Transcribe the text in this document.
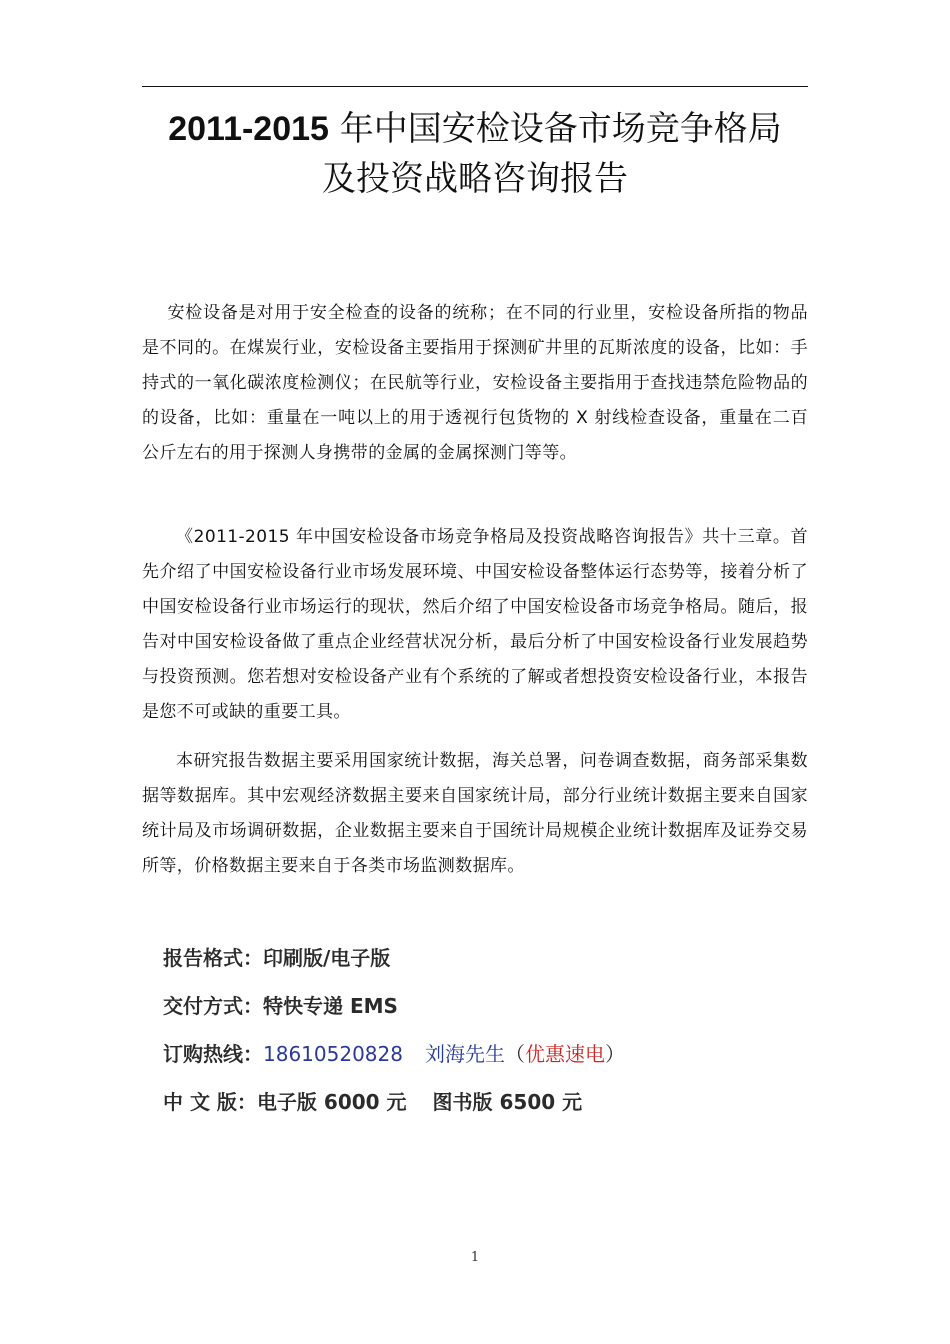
2011-2015 年中国安检设备市场竞争格局
及投资战略咨询报告

安检设备是对用于安全检查的设备的统称；在不同的行业里，安检设备所指的物品是不同的。在煤炭行业，安检设备主要指用于探测矿井里的瓦斯浓度的设备，比如：手持式的一氧化碳浓度检测仪；在民航等行业，安检设备主要指用于查找违禁危险物品的的设备，比如：重量在一吨以上的用于透视行包货物的 X 射线检查设备，重量在二百公斤左右的用于探测人身携带的金属的金属探测门等等。

《2011-2015 年中国安检设备市场竞争格局及投资战略咨询报告》共十三章。首先介绍了中国安检设备行业市场发展环境、中国安检设备整体运行态势等，接着分析了中国安检设备行业市场运行的现状，然后介绍了中国安检设备市场竞争格局。随后，报告对中国安检设备做了重点企业经营状况分析，最后分析了中国安检设备行业发展趋势与投资预测。您若想对安检设备产业有个系统的了解或者想投资安检设备行业，本报告是您不可或缺的重要工具。

本研究报告数据主要采用国家统计数据，海关总署，问卷调查数据，商务部采集数据等数据库。其中宏观经济数据主要来自国家统计局，部分行业统计数据主要来自国家统计局及市场调研数据，企业数据主要来自于国统计局规模企业统计数据库及证券交易所等，价格数据主要来自于各类市场监测数据库。

报告格式：印刷版/电子版
交付方式：特快专递 EMS
订购热线：18610520828 刘海先生（优惠速电）
中 文 版：电子版 6000 元 图书版 6500 元
1
